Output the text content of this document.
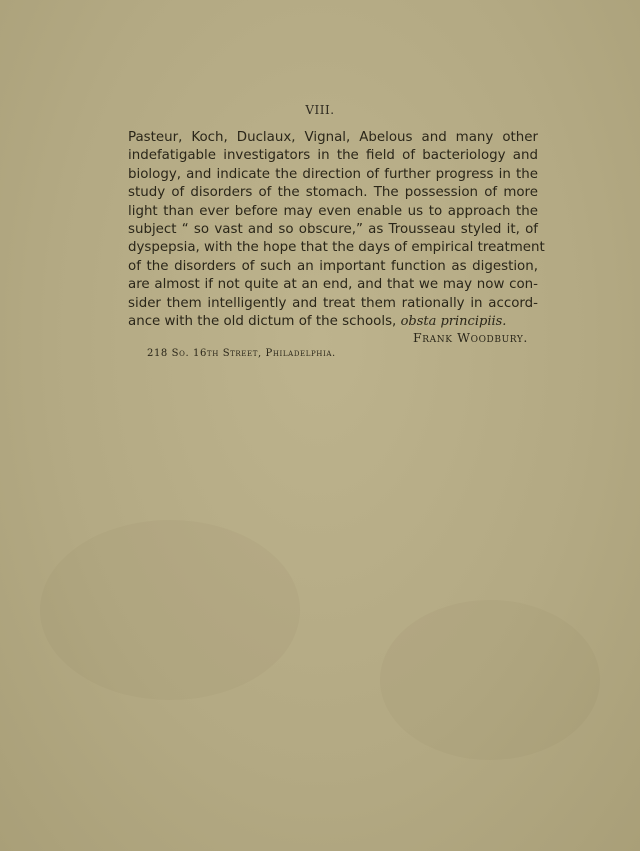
VIII.
Pasteur, Koch, Duclaux, Vignal, Abelous and many other
indefatigable investigators in the field of bacteriology and
biology, and indicate the direction of further progress in the
study of disorders of the stomach. The possession of more
light than ever before may even enable us to approach the
subject “ so vast and so obscure,” as Trousseau styled it, of
dyspepsia, with the hope that the days of empirical treatment
of the disorders of such an important function as digestion,
are almost if not quite at an end, and that we may now con-
sider them intelligently and treat them rationally in accord-
ance with the old dictum of the schools, obsta principiis.
Frank Woodbury.
218 So. 16th Street, Philadelphia.
